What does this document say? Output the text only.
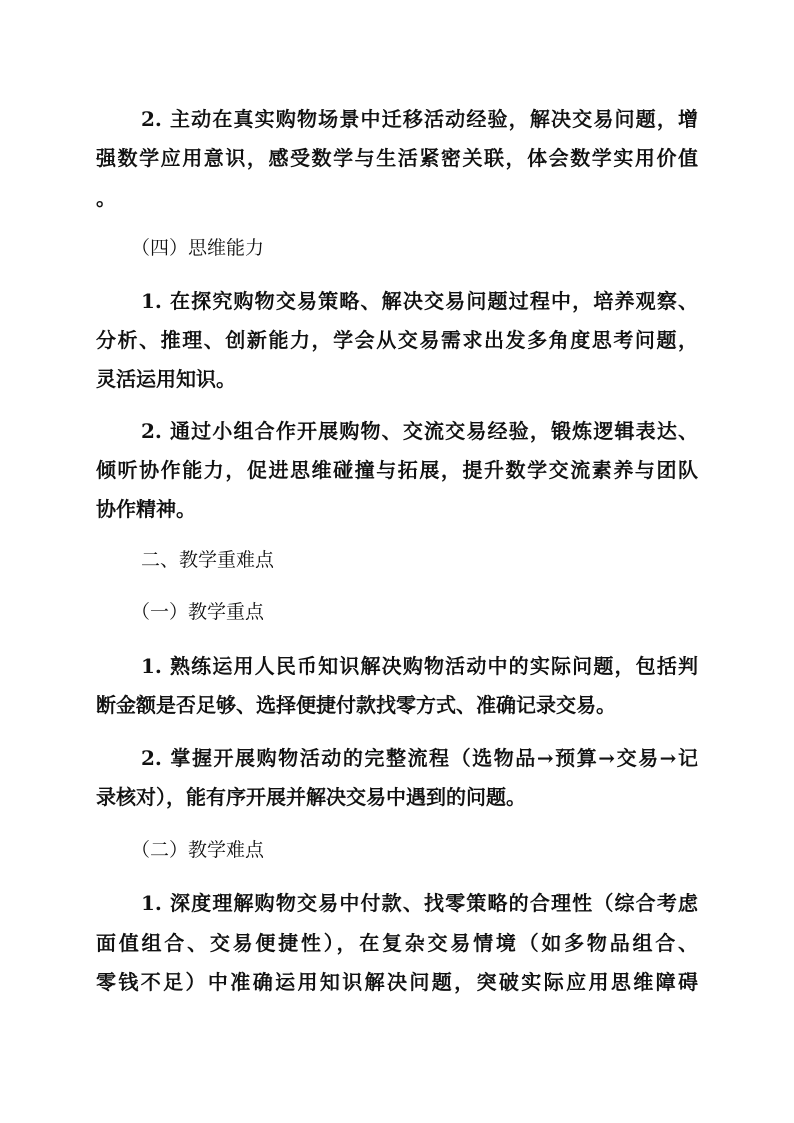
2. 主动在真实购物场景中迁移活动经验，解决交易问题，增
强数学应用意识，感受数学与生活紧密关联，体会数学实用价值
。
（四）思维能力
1. 在探究购物交易策略、解决交易问题过程中，培养观察、
分析、推理、创新能力，学会从交易需求出发多角度思考问题，
灵活运用知识。
2. 通过小组合作开展购物、交流交易经验，锻炼逻辑表达、
倾听协作能力，促进思维碰撞与拓展，提升数学交流素养与团队
协作精神。
二、教学重难点
（一）教学重点
1. 熟练运用人民币知识解决购物活动中的实际问题，包括判
断金额是否足够、选择便捷付款找零方式、准确记录交易。
2. 掌握开展购物活动的完整流程（选物品→预算→交易→记
录核对），能有序开展并解决交易中遇到的问题。
（二）教学难点
1. 深度理解购物交易中付款、找零策略的合理性（综合考虑
面值组合、交易便捷性），在复杂交易情境（如多物品组合、
零钱不足）中准确运用知识解决问题，突破实际应用思维障碍
